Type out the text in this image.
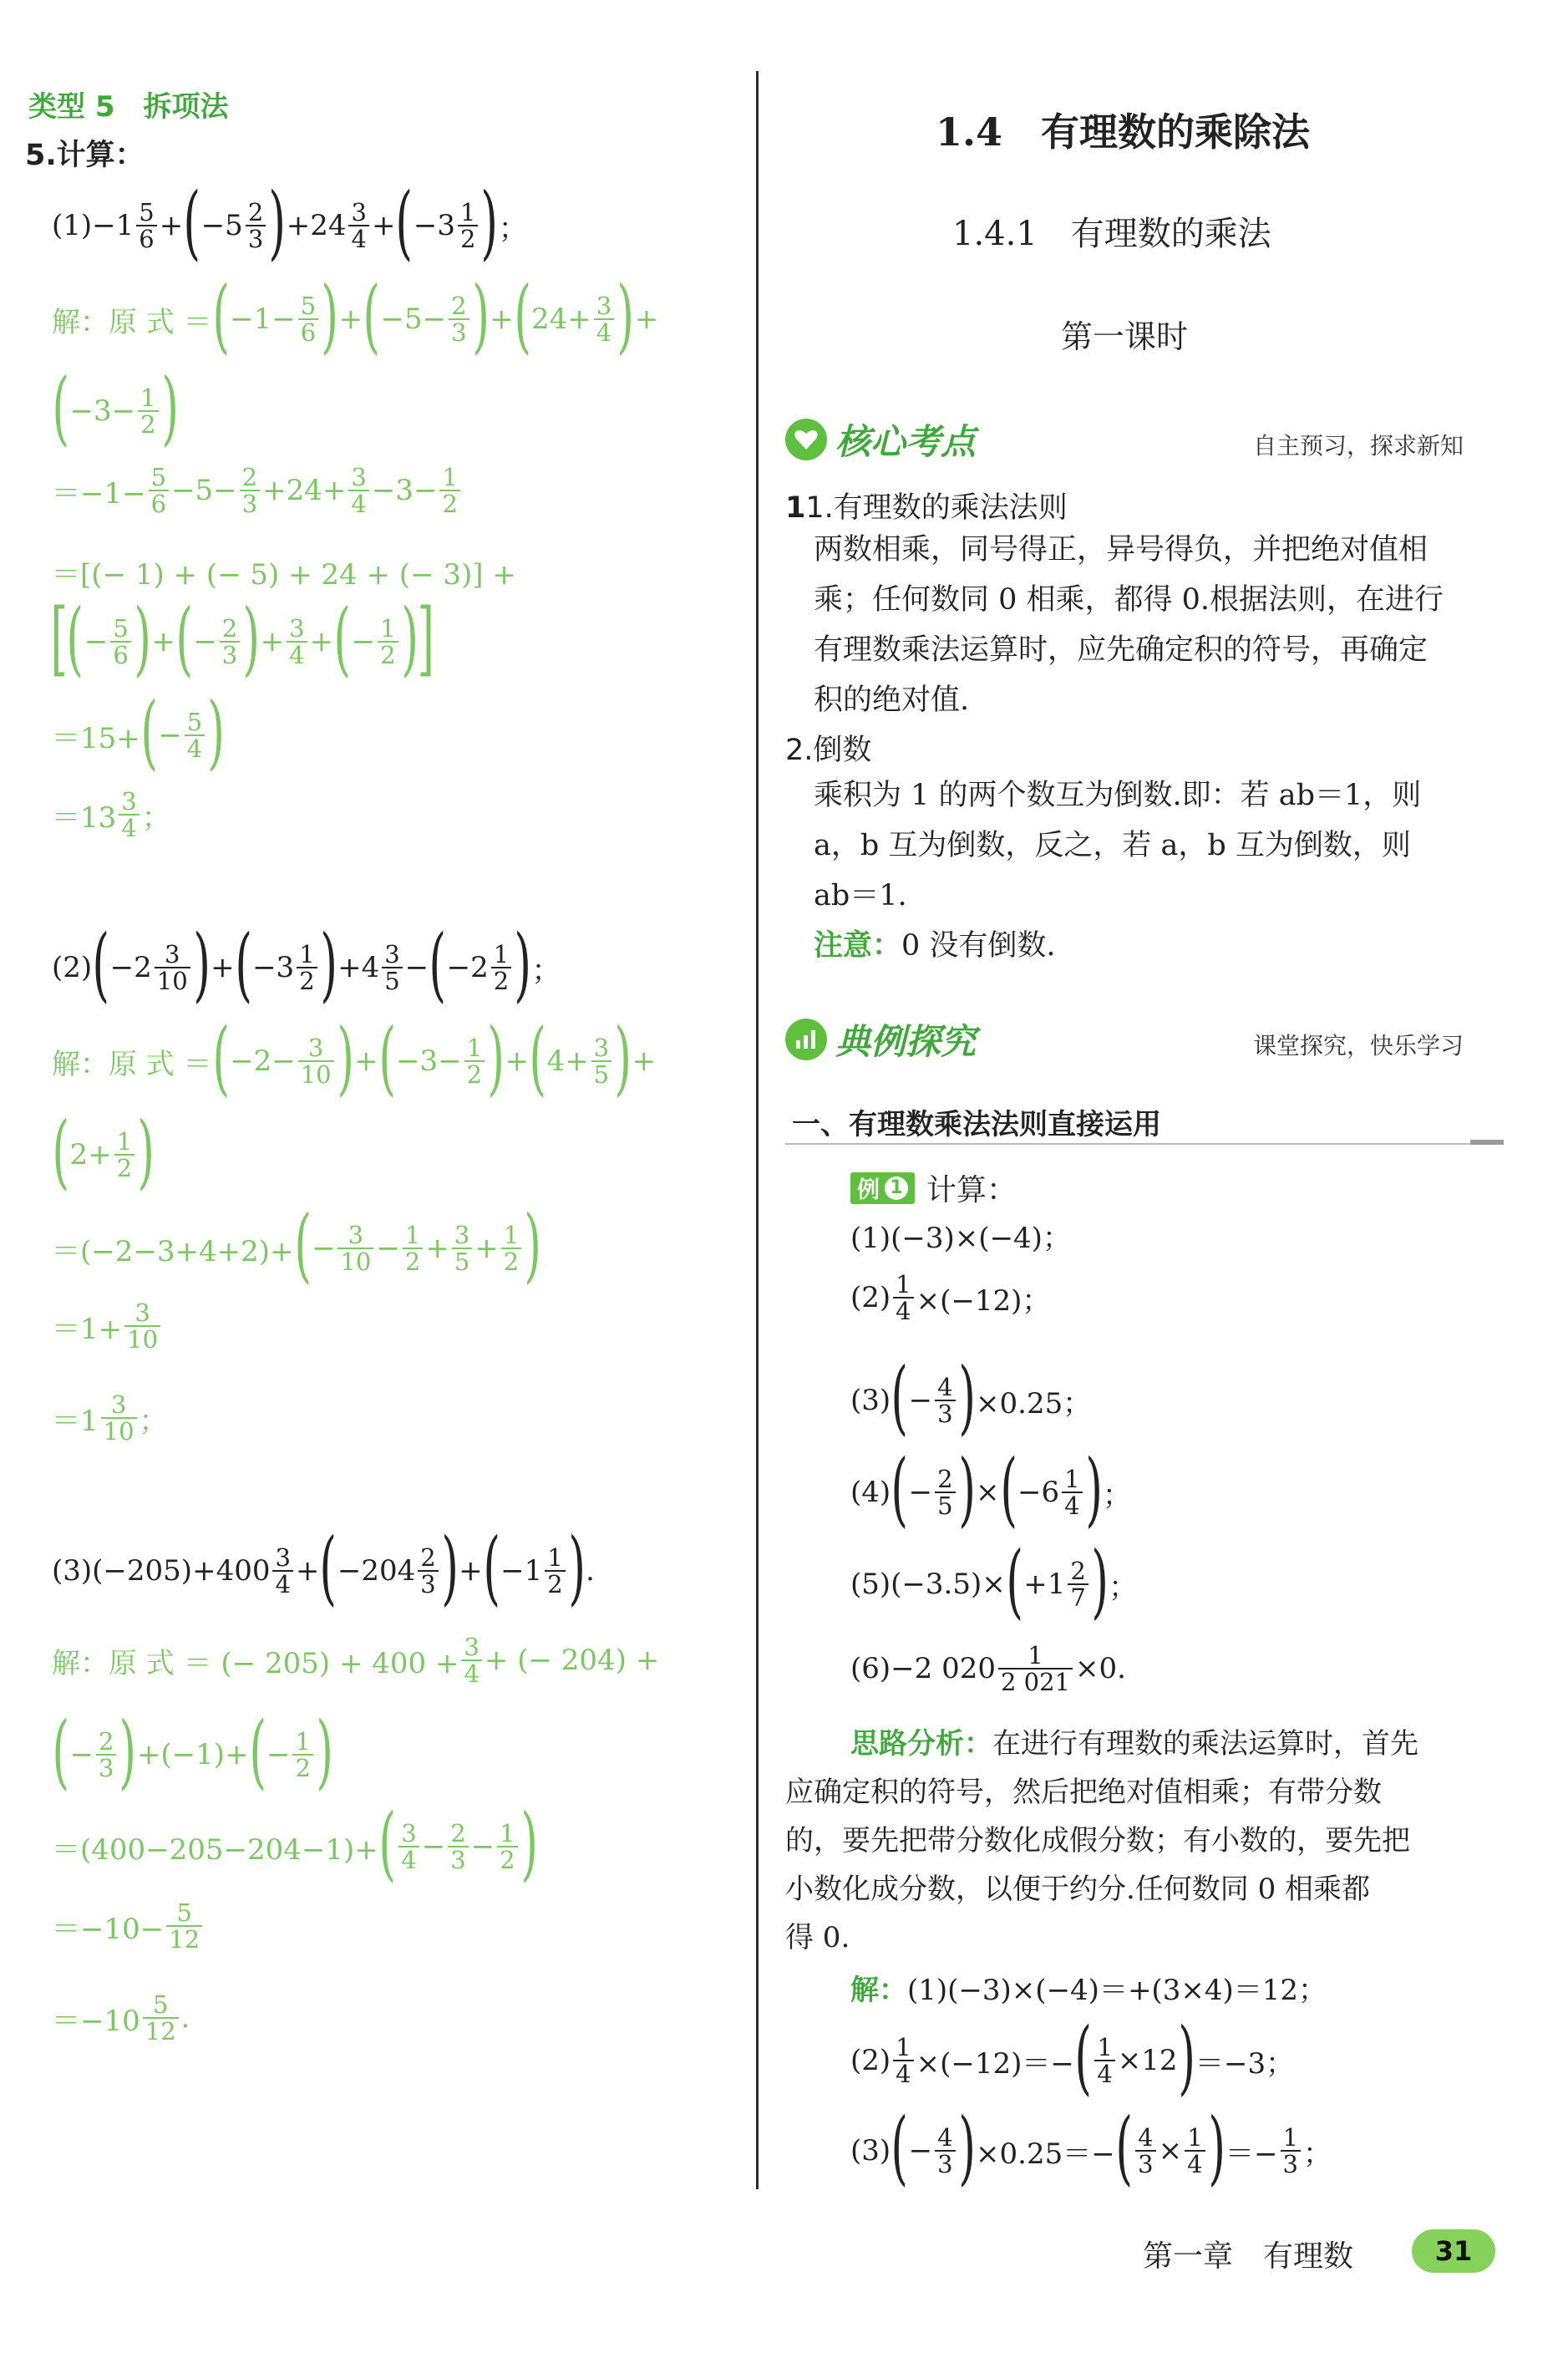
类型 5　拆项法
5.计算：
(1)−1 5
6 + ( −5 2
3 ) +24 3
4 + ( −3 1
2 ) ；
解：原 式 ＝ ( $-1- \frac{5}{6}$ ) + ( $-5- \frac{2}{3}$ ) + ( $24+ \frac{3}{4}$ ) +
( $-3- \frac{1}{2}$ )
$=-1- \frac{5}{6} -5- \frac{2}{3} +24+ \frac{3}{4} -3- \frac{1}{2}$
＝[(− 1) + (− 5) + 24 + (− 3)] +
[
( − $\frac{5}{6}$ ) + ( − $\frac{2}{3}$ ) + $\frac{3}{4}$ + ( − $\frac{1}{2}$ )
]
＝15+ ( − $\frac{5}{4}$ )
＝13 3
4 ；
(2) ( −2 3
10 ) + ( −3 1
2 ) +4 3
5 − ( −2 1
2 ) ；
解：原 式 ＝ ( $-2- \frac{3}{10}$ ) + ( $-3- \frac{1}{2}$ ) + ( $4+ \frac{3}{5}$ ) +
( $2+ \frac{1}{2}$ )
＝(−2−3+4+2)+ ( − $\frac{3}{10} - \frac{1}{2} + \frac{3}{5} + \frac{1}{2}$ )
$=1+ \frac{3}{10}$
＝1 3
10 ；
(3)(−205)+400 3
4 + ( −204 2
3 ) + ( −1 1
2 ) .
解：原 式 ＝ (− $205) + 400 + \frac{3}{4}$ + (− 204) +
( − $\frac{2}{3}$ ) +(−1)+ ( − $\frac{1}{2}$ )
＝(400−205−204−1)+ ( 3
$4 - \frac{2}{3} - \frac{1}{2}$ )
$=-10- \frac{5}{12}$
＝−10 5
12 .
1.4　有理数的乘除法
1.4.1　有理数的乘法
第一课时
核心考点	自主预习，探求新知
11.有理数的乘法法则
两数相乘，同号得正，异号得负，并把绝对值相
乘；任何数同 0 相乘，都得 0.根据法则，在进行
有理数乘法运算时，应先确定积的符号，再确定
积的绝对值.
2.倒数
乘积为 1 的两个数互为倒数.即：若 ab＝1，则
a，b 互为倒数，反之，若 a，b 互为倒数，则
ab＝1.
注意：0 没有倒数.
典例探究	课堂探究，快乐学习
一、有理数乘法法则直接运用
例 1 计算：
(1)(−3)×(−4)；
$(2) \frac{1}{4} \times(-12)$；
(3) ( − $\frac{4}{3}$ ) ×0.25；
(4) ( − $\frac{2}{5}$ ) × ( −6 1
4 ) ；
(5)(−3.5)× ( +1 2
7 ) ；
(6)−2 $020 \frac{1}{2 021} \times 0$.
思路分析：在进行有理数的乘法运算时，首先
应确定积的符号，然后把绝对值相乘；有带分数
的，要先把带分数化成假分数；有小数的，要先把
小数化成分数，以便于约分.任何数同 0 相乘都
得 0.
解： (1)(−3)×(−4)＝+(3×4)＝12；
$(2) \frac{1}{4} \times(-12)=-$ ( $\frac{1}{4} \times 12$ ) ＝−3；
(3) ( − $\frac{4}{3}$ ) ×0.25＝− ( $\frac{4}{3} \times \frac{1}{4}$ ) ＝− $\frac{1}{3}$ ；
第一章　有理数	31
